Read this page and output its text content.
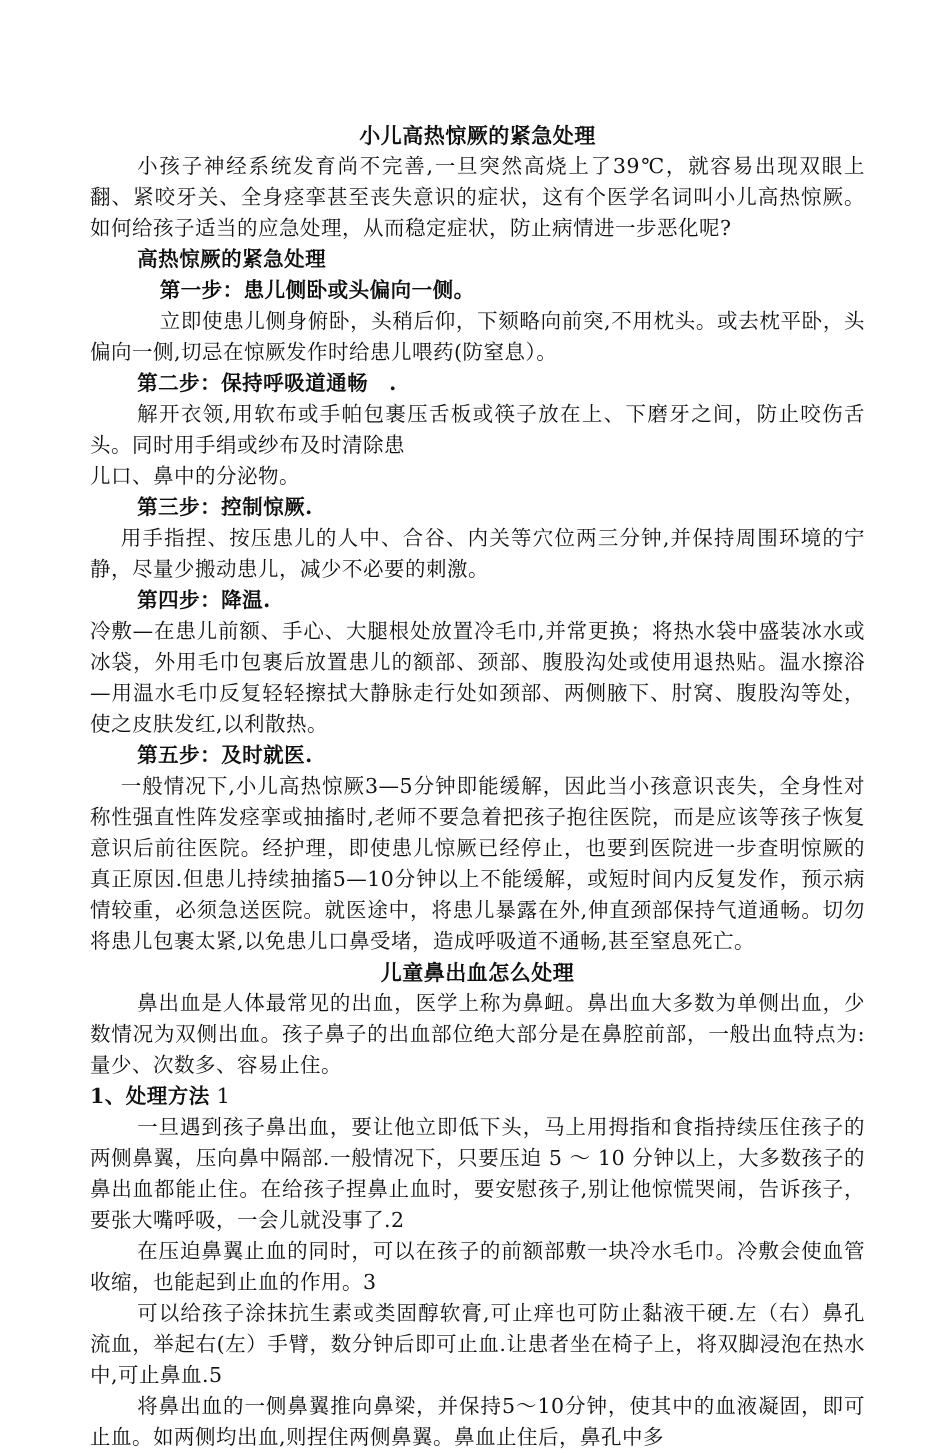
小儿高热惊厥的紧急处理

小孩子神经系统发育尚不完善,一旦突然高烧上了39℃，就容易出现双眼上翻、紧咬牙关、全身痉挛甚至丧失意识的症状，这有个医学名词叫小儿高热惊厥。如何给孩子适当的应急处理，从而稳定症状，防止病情进一步恶化呢?

高热惊厥的紧急处理

第一步：患儿侧卧或头偏向一侧。

立即使患儿侧身俯卧，头稍后仰，下颏略向前突,不用枕头。或去枕平卧，头偏向一侧,切忌在惊厥发作时给患儿喂药(防窒息）。

第二步：保持呼吸道通畅　.

解开衣领,用软布或手帕包裹压舌板或筷子放在上、下磨牙之间，防止咬伤舌头。同时用手绢或纱布及时清除患

儿口、鼻中的分泌物。

第三步：控制惊厥.

用手指捏、按压患儿的人中、合谷、内关等穴位两三分钟,并保持周围环境的宁静，尽量少搬动患儿，减少不必要的刺激。

第四步：降温.

冷敷—在患儿前额、手心、大腿根处放置冷毛巾,并常更换；将热水袋中盛装冰水或冰袋，外用毛巾包裹后放置患儿的额部、颈部、腹股沟处或使用退热贴。温水擦浴—用温水毛巾反复轻轻擦拭大静脉走行处如颈部、两侧腋下、肘窝、腹股沟等处，使之皮肤发红,以利散热。

第五步：及时就医.

一般情况下,小儿高热惊厥3—5分钟即能缓解，因此当小孩意识丧失，全身性对称性强直性阵发痉挛或抽搐时,老师不要急着把孩子抱往医院，而是应该等孩子恢复意识后前往医院。经护理，即使患儿惊厥已经停止，也要到医院进一步查明惊厥的真正原因.但患儿持续抽搐5—10分钟以上不能缓解，或短时间内反复发作，预示病情较重，必须急送医院。就医途中，将患儿暴露在外,伸直颈部保持气道通畅。切勿将患儿包裹太紧,以免患儿口鼻受堵，造成呼吸道不通畅,甚至窒息死亡。

儿童鼻出血怎么处理

鼻出血是人体最常见的出血，医学上称为鼻衄。鼻出血大多数为单侧出血，少数情况为双侧出血。孩子鼻子的出血部位绝大部分是在鼻腔前部，一般出血特点为:量少、次数多、容易止住。

1、处理方法 1

一旦遇到孩子鼻出血，要让他立即低下头，马上用拇指和食指持续压住孩子的两侧鼻翼，压向鼻中隔部.一般情况下，只要压迫 5 ～ 10 分钟以上，大多数孩子的鼻出血都能止住。在给孩子捏鼻止血时，要安慰孩子,别让他惊慌哭闹，告诉孩子，要张大嘴呼吸，一会儿就没事了.2

在压迫鼻翼止血的同时，可以在孩子的前额部敷一块冷水毛巾。冷敷会使血管收缩，也能起到止血的作用。3

可以给孩子涂抹抗生素或类固醇软膏,可止痒也可防止黏液干硬.左（右）鼻孔流血，举起右(左）手臂，数分钟后即可止血.让患者坐在椅子上，将双脚浸泡在热水中,可止鼻血.5

将鼻出血的一侧鼻翼推向鼻梁，并保持5～10分钟，使其中的血液凝固，即可止血。如两侧均出血,则捏住两侧鼻翼。鼻血止住后，鼻孔中多
